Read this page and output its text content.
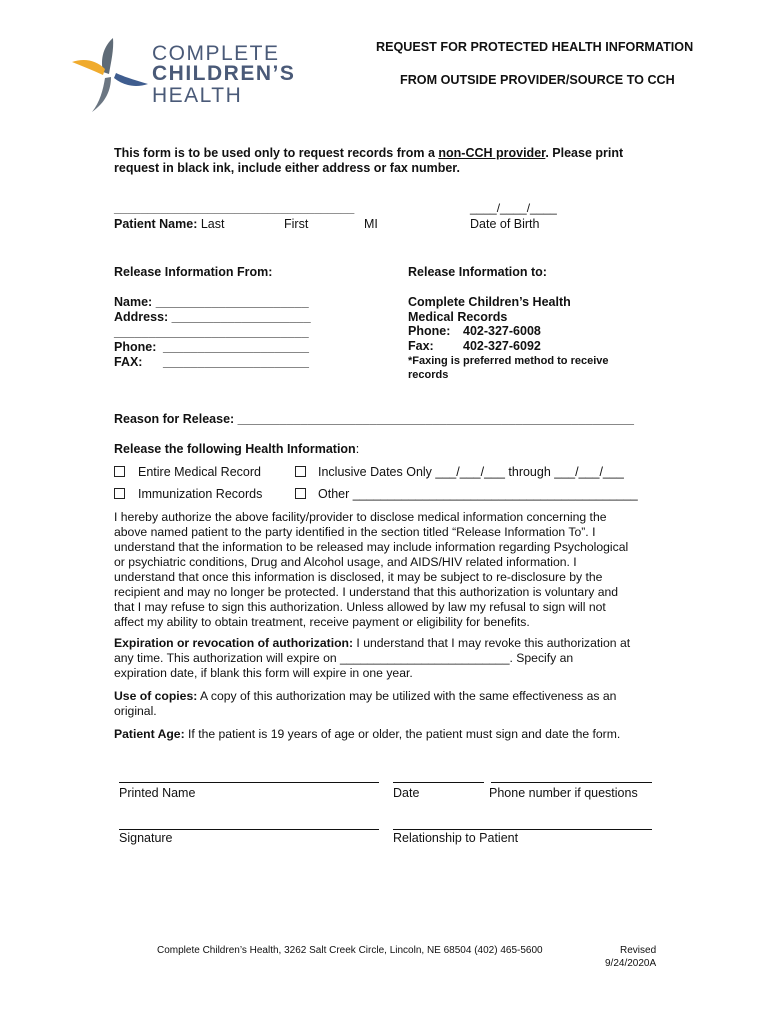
COMPLETE
CHILDREN’S
HEALTH
REQUEST FOR PROTECTED HEALTH INFORMATION
FROM OUTSIDE PROVIDER/SOURCE TO CCH
This form is to be used only to request records from a non-CCH provider. Please print
request in black ink, include either address or fax number.
____________________________________	____/____/____
Patient Name: Last	First	MI	Date of Birth
Release Information From:
Name: ______________________
Address: ____________________
____________________________
Phone: _____________________
FAX: _____________________
Release Information to:
Complete Children’s Health
Medical Records
Phone: 402-327-6008
Fax: 402-327-6092
*Faxing is preferred method to receive
records
Reason for Release: _________________________________________________________
Release the following Health Information:
Entire Medical Record	Inclusive Dates Only ___/___/___ through ___/___/___
Immunization Records	Other _________________________________________
I hereby authorize the above facility/provider to disclose medical information concerning the
above named patient to the party identified in the section titled “Release Information To”. I
understand that the information to be released may include information regarding Psychological
or psychiatric conditions, Drug and Alcohol usage, and AIDS/HIV related information. I
understand that once this information is disclosed, it may be subject to re-disclosure by the
recipient and may no longer be protected. I understand that this authorization is voluntary and
that I may refuse to sign this authorization. Unless allowed by law my refusal to sign will not
affect my ability to obtain treatment, receive payment or eligibility for benefits.
Expiration or revocation of authorization: I understand that I may revoke this authorization at
any time. This authorization will expire on _________________________. Specify an
expiration date, if blank this form will expire in one year.
Use of copies: A copy of this authorization may be utilized with the same effectiveness as an
original.
Patient Age: If the patient is 19 years of age or older, the patient must sign and date the form.
Printed Name	Date	Phone number if questions
Signature	Relationship to Patient
Complete Children’s Health, 3262 Salt Creek Circle, Lincoln, NE 68504 (402) 465-5600	Revised
9/24/2020A
